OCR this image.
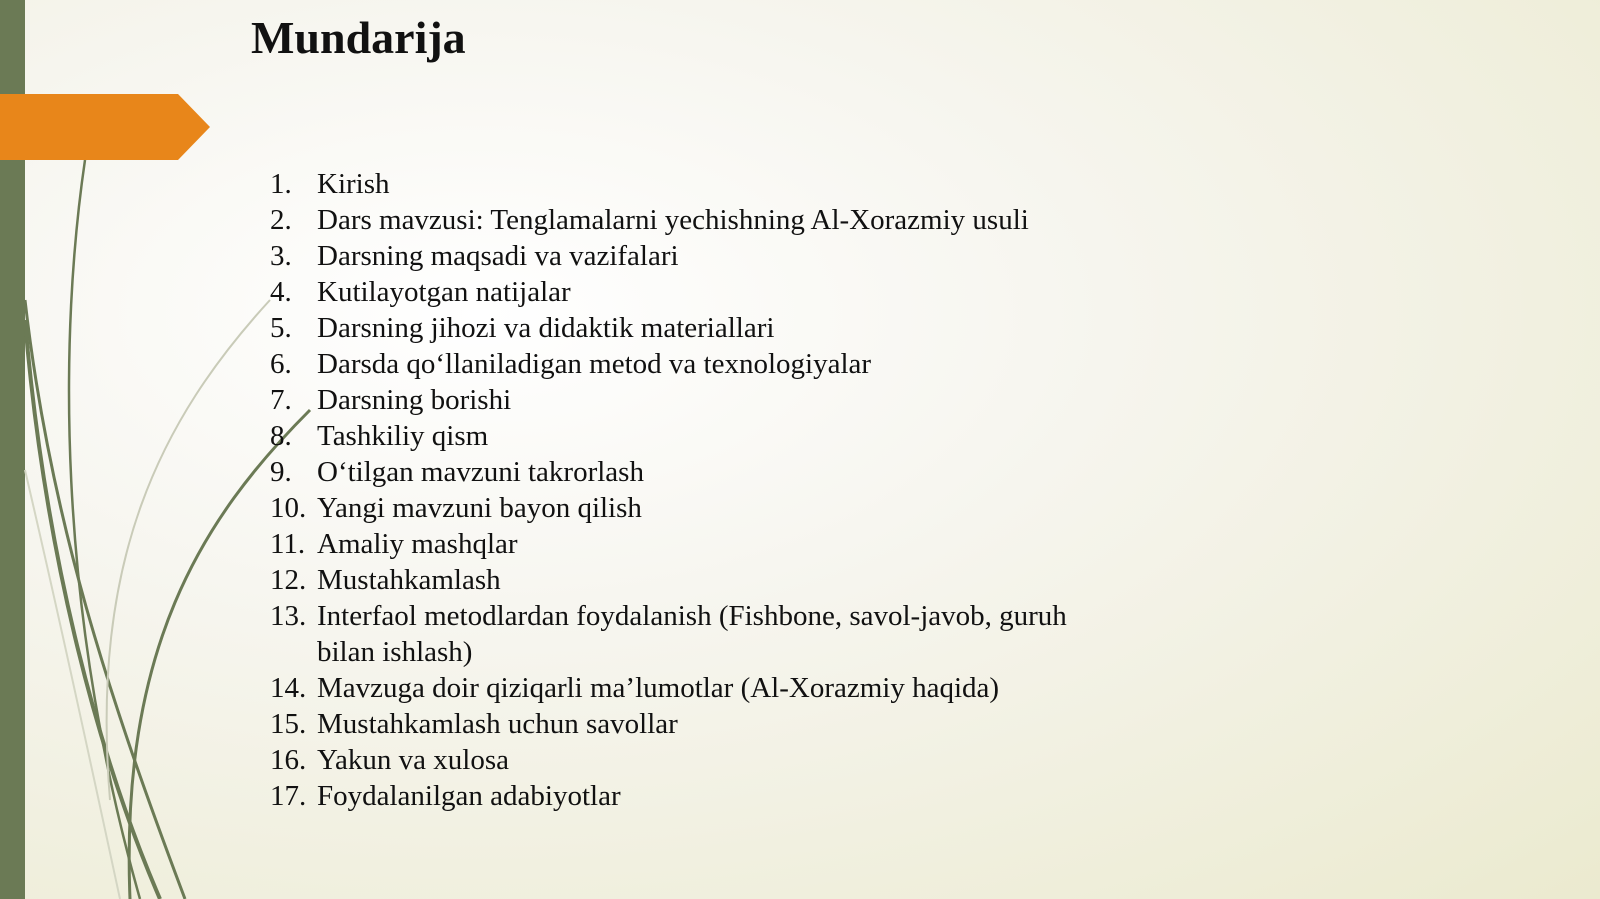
Mundarija
1. Kirish
2. Dars mavzusi: Tenglamalarni yechishning Al-Xorazmiy usuli
3. Darsning maqsadi va vazifalari
4. Kutilayotgan natijalar
5. Darsning jihozi va didaktik materiallari
6. Darsda qo‘llaniladigan metod va texnologiyalar
7. Darsning borishi
8. Tashkiliy qism
9. O‘tilgan mavzuni takrorlash
10. Yangi mavzuni bayon qilish
11. Amaliy mashqlar
12. Mustahkamlash
13. Interfaol metodlardan foydalanish (Fishbone, savol-javob, guruh bilan ishlash)
14. Mavzuga doir qiziqarli ma’lumotlar (Al-Xorazmiy haqida)
15. Mustahkamlash uchun savollar
16. Yakun va xulosa
17. Foydalanilgan adabiyotlar
